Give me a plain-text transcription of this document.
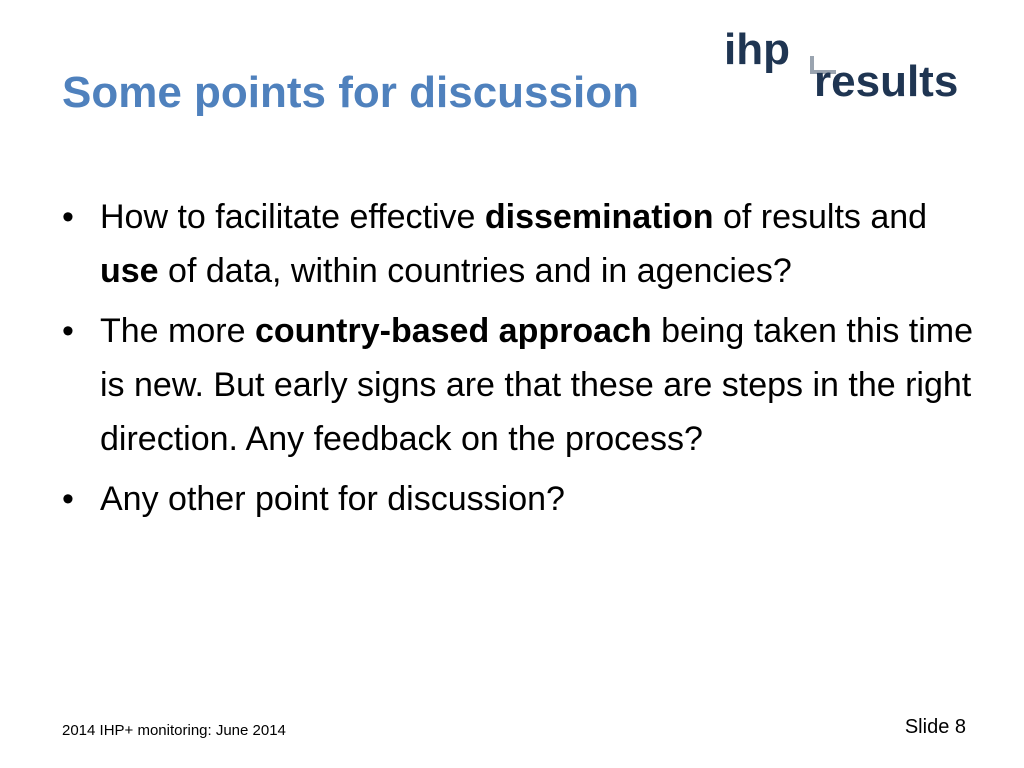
Some points for discussion
ihp
results
• How to facilitate effective dissemination of results and use of data, within countries and in agencies?
• The more country-based approach being taken this time is new. But early signs are that these are steps in the right direction. Any feedback on the process?
• Any other point for discussion?
2014 IHP+ monitoring: June 2014	Slide 8
